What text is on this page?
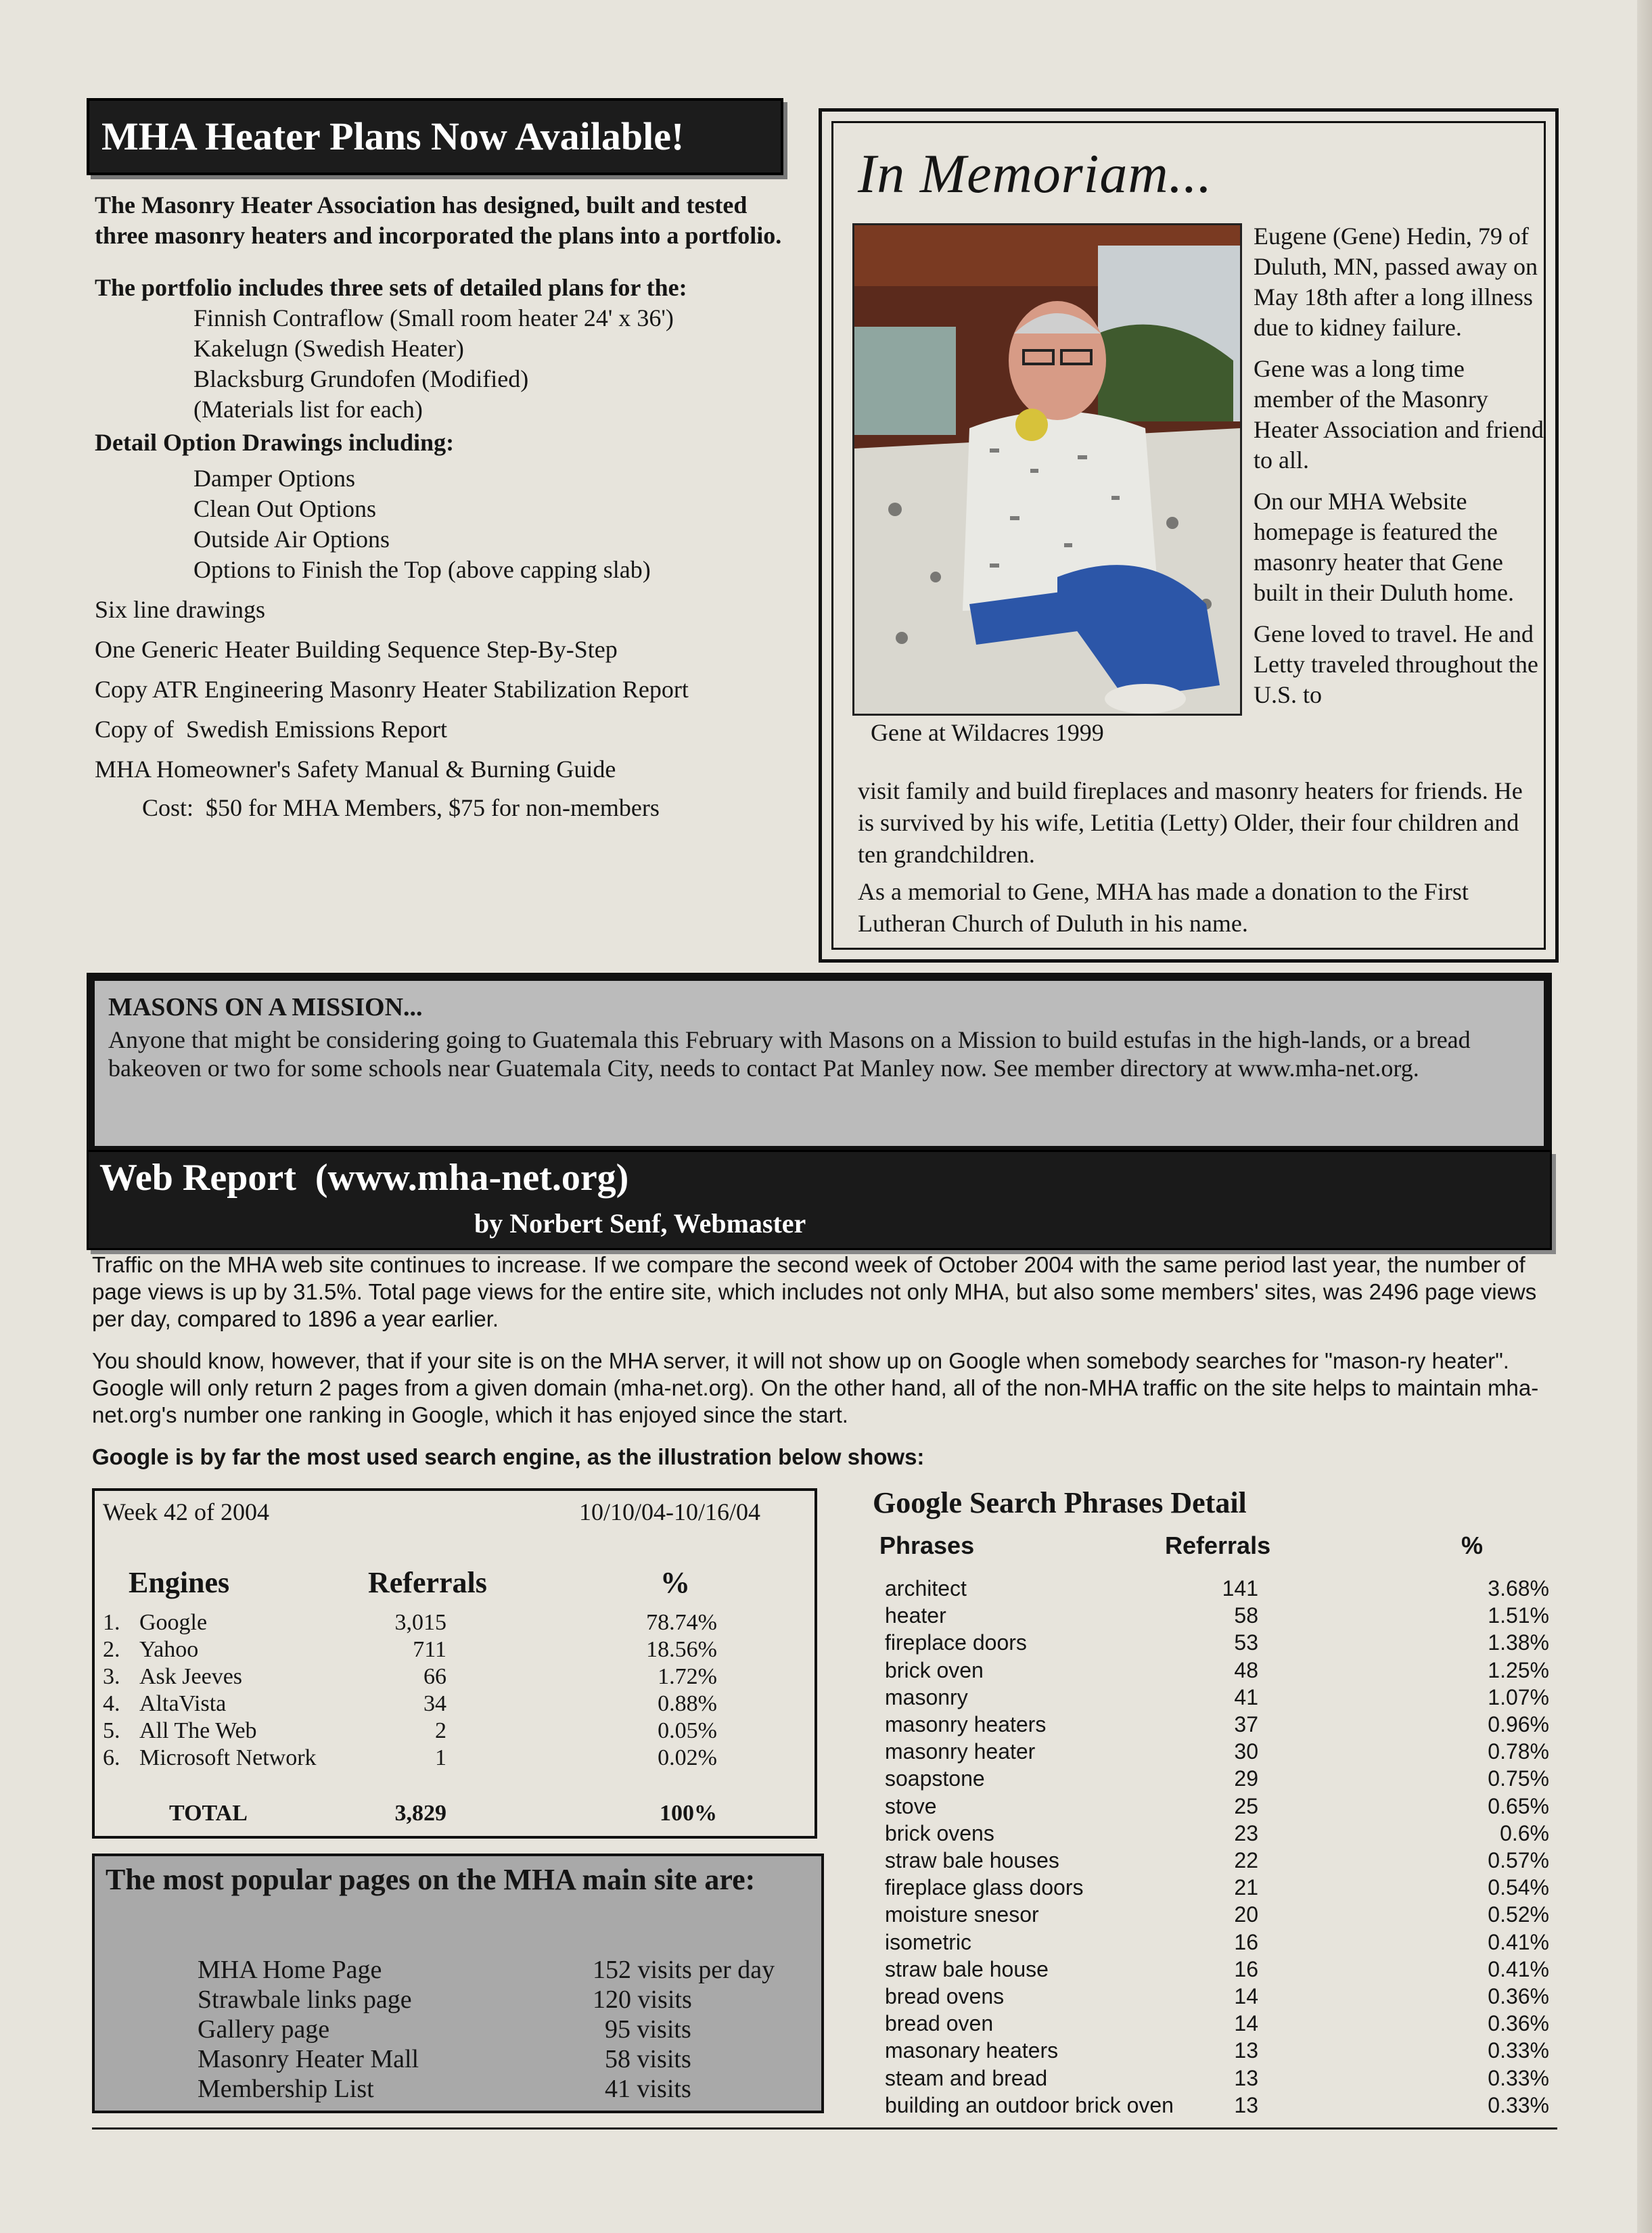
MHA Heater Plans Now Available!

The Masonry Heater Association has designed, built and tested three masonry heaters and incorporated the plans into a portfolio.

The portfolio includes three sets of detailed plans for the:

Finnish Contraflow (Small room heater 24' x 36')

Kakelugn (Swedish Heater)

Blacksburg Grundofen (Modified)

(Materials list for each)

Detail Option Drawings including:

Damper Options

Clean Out Options

Outside Air Options

Options to Finish the Top (above capping slab)

Six line drawings

One Generic Heater Building Sequence Step-By-Step

Copy ATR Engineering Masonry Heater Stabilization Report

Copy of  Swedish Emissions Report

MHA Homeowner's Safety Manual & Burning Guide

Cost:  $50 for MHA Members, $75 for non-members

In Memoriam...
Gene at Wildacres 1999

Eugene (Gene) Hedin, 79 of Duluth, MN, passed away on May 18th after a long illness due to kidney failure.

Gene was a long time member of the Masonry Heater Association and friend to all.

On our MHA Website homepage is featured the masonry heater that Gene built in their Duluth home.

Gene loved to travel. He and Letty traveled throughout the U.S. to

visit family and build fireplaces and masonry heaters for friends. He is survived by his wife, Letitia (Letty) Older, their four children and ten grandchildren.

As a memorial to Gene, MHA has made a donation to the First Lutheran Church of Duluth in his name.

MASONS ON A MISSION...
Anyone that might be considering going to Guatemala this February with Masons on a Mission to build estufas in the high-lands, or a bread bakeoven or two for some schools near Guatemala City, needs to contact Pat Manley now. See member directory at www.mha-net.org.
Web Report  (www.mha-net.org)
by Norbert Senf, Webmaster

Traffic on the MHA web site continues to increase. If we compare the second week of October 2004 with the same period last year, the number of page views is up by 31.5%. Total page views for the entire site, which includes not only MHA, but also some members' sites, was 2496 page views per day, compared to 1896 a year earlier.

You should know, however, that if your site is on the MHA server, it will not show up on Google when somebody searches for "mason-ry heater". Google will only return 2 pages from a given domain (mha-net.org). On the other hand, all of the non-MHA traffic on the site helps to maintain mha-net.org's number one ranking in Google, which it has enjoyed since the start.

Google is by far the most used search engine, as the illustration below shows:

Week 42 of 2004	10/10/04-10/16/04
Engines	Referrals	%
1. Google	3,015	78.74%
2. Yahoo	711	18.56%
3. Ask Jeeves	66	1.72%
4. AltaVista	34	0.88%
5. All The Web	2	0.05%
6. Microsoft Network	1	0.02%
TOTAL	3,829	100%
The most popular pages on the MHA main site are:
MHA Home Page	152 visits per day
Strawbale links page	120 visits
Gallery page	95 visits
Masonry Heater Mall	58 visits
Membership List	41 visits
Google Search Phrases Detail
Phrases	Referrals	%
architect	141	3.68%
heater	58	1.51%
fireplace doors	53	1.38%
brick oven	48	1.25%
masonry	41	1.07%
masonry heaters	37	0.96%
masonry heater	30	0.78%
soapstone	29	0.75%
stove	25	0.65%
brick ovens	23	0.6%
straw bale houses	22	0.57%
fireplace glass doors	21	0.54%
moisture snesor	20	0.52%
isometric	16	0.41%
straw bale house	16	0.41%
bread ovens	14	0.36%
bread oven	14	0.36%
masonary heaters	13	0.33%
steam and bread	13	0.33%
building an outdoor brick oven	13	0.33%
